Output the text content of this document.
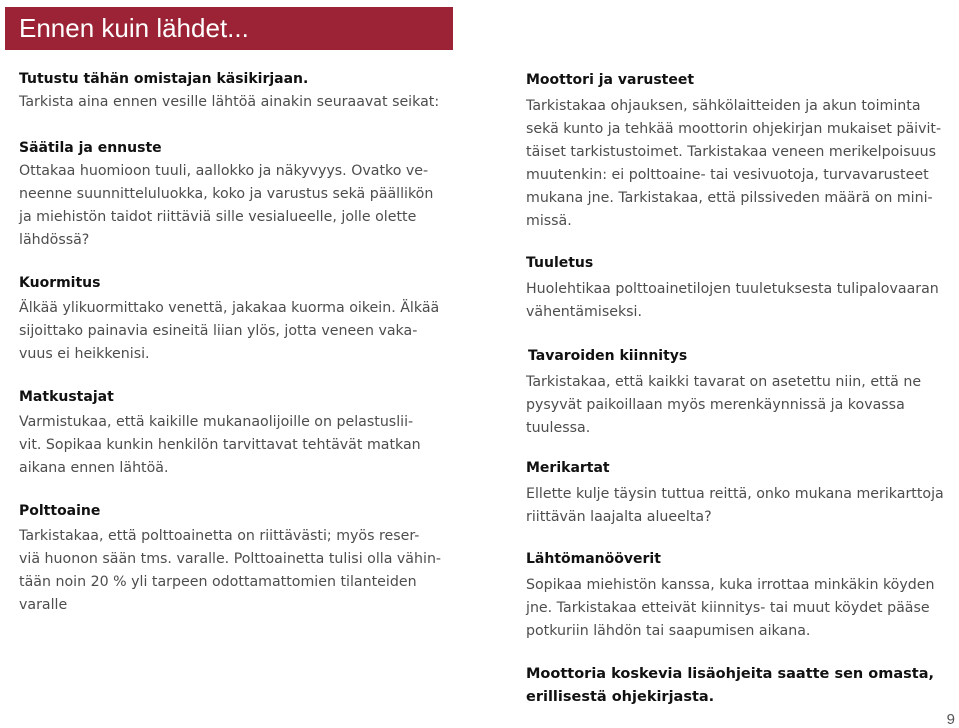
Ennen kuin lähdet...

Tutustu tähän omistajan käsikirjaan.

Tarkista aina ennen vesille lähtöä ainakin seuraavat seikat:

Säätila ja ennuste

Ottakaa huomioon tuuli, aallokko ja näkyvyys. Ovatko ve-

neenne suunnitteluluokka, koko ja varustus sekä päällikön

ja miehistön taidot riittäviä sille vesialueelle, jolle olette

lähdössä?

Kuormitus

Älkää ylikuormittako venettä, jakakaa kuorma oikein. Älkää

sijoittako painavia esineitä liian ylös, jotta veneen vaka-

vuus ei heikkenisi.

Matkustajat

Varmistukaa, että kaikille mukanaolijoille on pelastuslii-

vit. Sopikaa kunkin henkilön tarvittavat tehtävät matkan

aikana ennen lähtöä.

Polttoaine

Tarkistakaa, että polttoainetta on riittävästi; myös reser-

viä huonon sään tms. varalle. Polttoainetta tulisi olla vähin-

tään noin 20 % yli tarpeen odottamattomien tilanteiden

varalle

Moottori ja varusteet

Tarkistakaa ohjauksen, sähkölaitteiden ja akun toiminta

sekä kunto ja tehkää moottorin ohjekirjan mukaiset päivit-

täiset tarkistustoimet. Tarkistakaa veneen merikelpoisuus

muutenkin: ei polttoaine- tai vesivuotoja, turvavarusteet

mukana jne. Tarkistakaa, että pilssiveden määrä on mini-

missä.

Tuuletus

Huolehtikaa polttoainetilojen tuuletuksesta tulipalovaaran

vähentämiseksi.

Tavaroiden kiinnitys

Tarkistakaa, että kaikki tavarat on asetettu niin, että ne

pysyvät paikoillaan myös merenkäynnissä ja kovassa

tuulessa.

Merikartat

Ellette kulje täysin tuttua reittä, onko mukana merikarttoja

riittävän laajalta alueelta?

Lähtömanööverit

Sopikaa miehistön kanssa, kuka irrottaa minkäkin köyden

jne. Tarkistakaa etteivät kiinnitys- tai muut köydet pääse

potkuriin lähdön tai saapumisen aikana.

Moottoria koskevia lisäohjeita saatte sen omasta,

erillisestä ohjekirjasta.

9
